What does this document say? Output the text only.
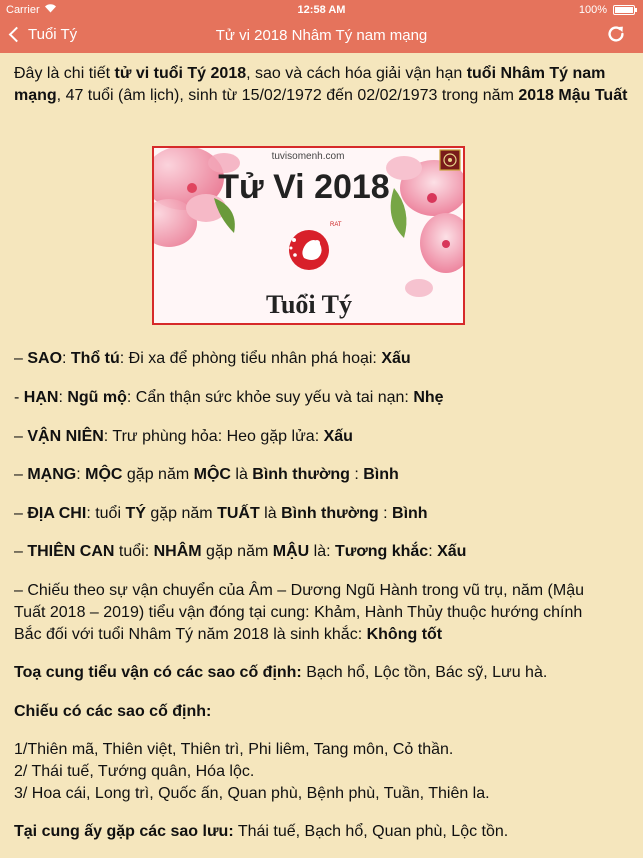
Carrier	12:58 AM	100%
Tuổi Tý	Tử vi 2018 Nhâm Tý nam mạng

Đây là chi tiết tử vi tuổi Tý 2018, sao và cách hóa giải vận hạn tuổi Nhâm Tý nam mạng, 47 tuổi (âm lịch), sinh từ 15/02/1972 đến 02/02/1973 trong năm 2018 Mậu Tuất

tuvisomenh.com
Tử Vi 2018
RAT
Tuổi Tý
– SAO: Thổ tú: Đi xa để phòng tiểu nhân phá hoại: Xấu
- HẠN: Ngũ mộ: Cẩn thận sức khỏe suy yếu và tai nạn: Nhẹ
– VẬN NIÊN: Trư phùng hỏa: Heo gặp lửa: Xấu
– MẠNG: MỘC gặp năm MỘC là Bình thường : Bình
– ĐỊA CHI: tuổi TÝ gặp năm TUẤT là Bình thường : Bình
– THIÊN CAN tuổi: NHÂM gặp năm MẬU là: Tương khắc: Xấu
– Chiếu theo sự vận chuyển của Âm – Dương Ngũ Hành trong vũ trụ, năm (Mậu
Tuất 2018 – 2019) tiểu vận đóng tại cung: Khảm, Hành Thủy thuộc hướng chính
Bắc đối với tuổi Nhâm Tý năm 2018 là sinh khắc: Không tốt
Toạ cung tiểu vận có các sao cố định: Bạch hổ, Lộc tồn, Bác sỹ, Lưu hà.
Chiếu có các sao cố định:
1/Thiên mã, Thiên việt, Thiên trì, Phi liêm, Tang môn, Cỏ thần.
2/ Thái tuế, Tướng quân, Hóa lộc.
3/ Hoa cái, Long trì, Quốc ấn, Quan phù, Bệnh phù, Tuần, Thiên la.
Tại cung ấy gặp các sao lưu: Thái tuế, Bạch hổ, Quan phù, Lộc tồn.
